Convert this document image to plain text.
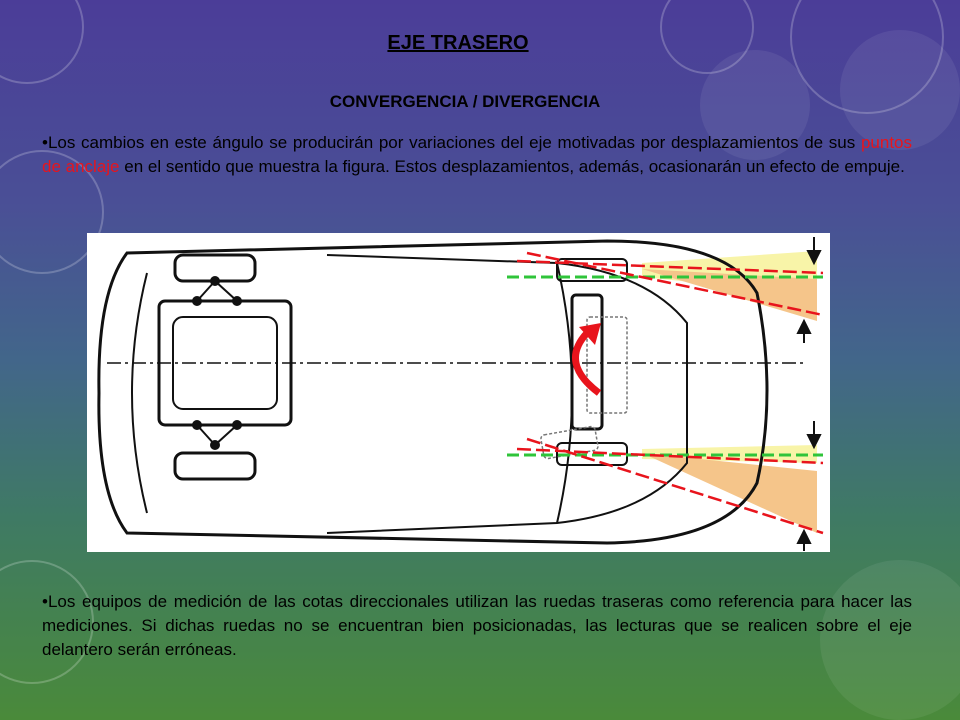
EJE TRASERO
CONVERGENCIA / DIVERGENCIA

•Los cambios en este ángulo se producirán por variaciones del eje motivadas por desplazamientos de sus puntos de anclaje en el sentido que muestra la figura. Estos desplazamientos, además, ocasionarán un efecto de empuje.

•Los equipos de medición de las cotas direccionales utilizan las ruedas traseras como referencia para hacer las mediciones. Si dichas ruedas no se encuentran bien posicionadas, las lecturas que se realicen sobre el eje delantero serán erróneas.
